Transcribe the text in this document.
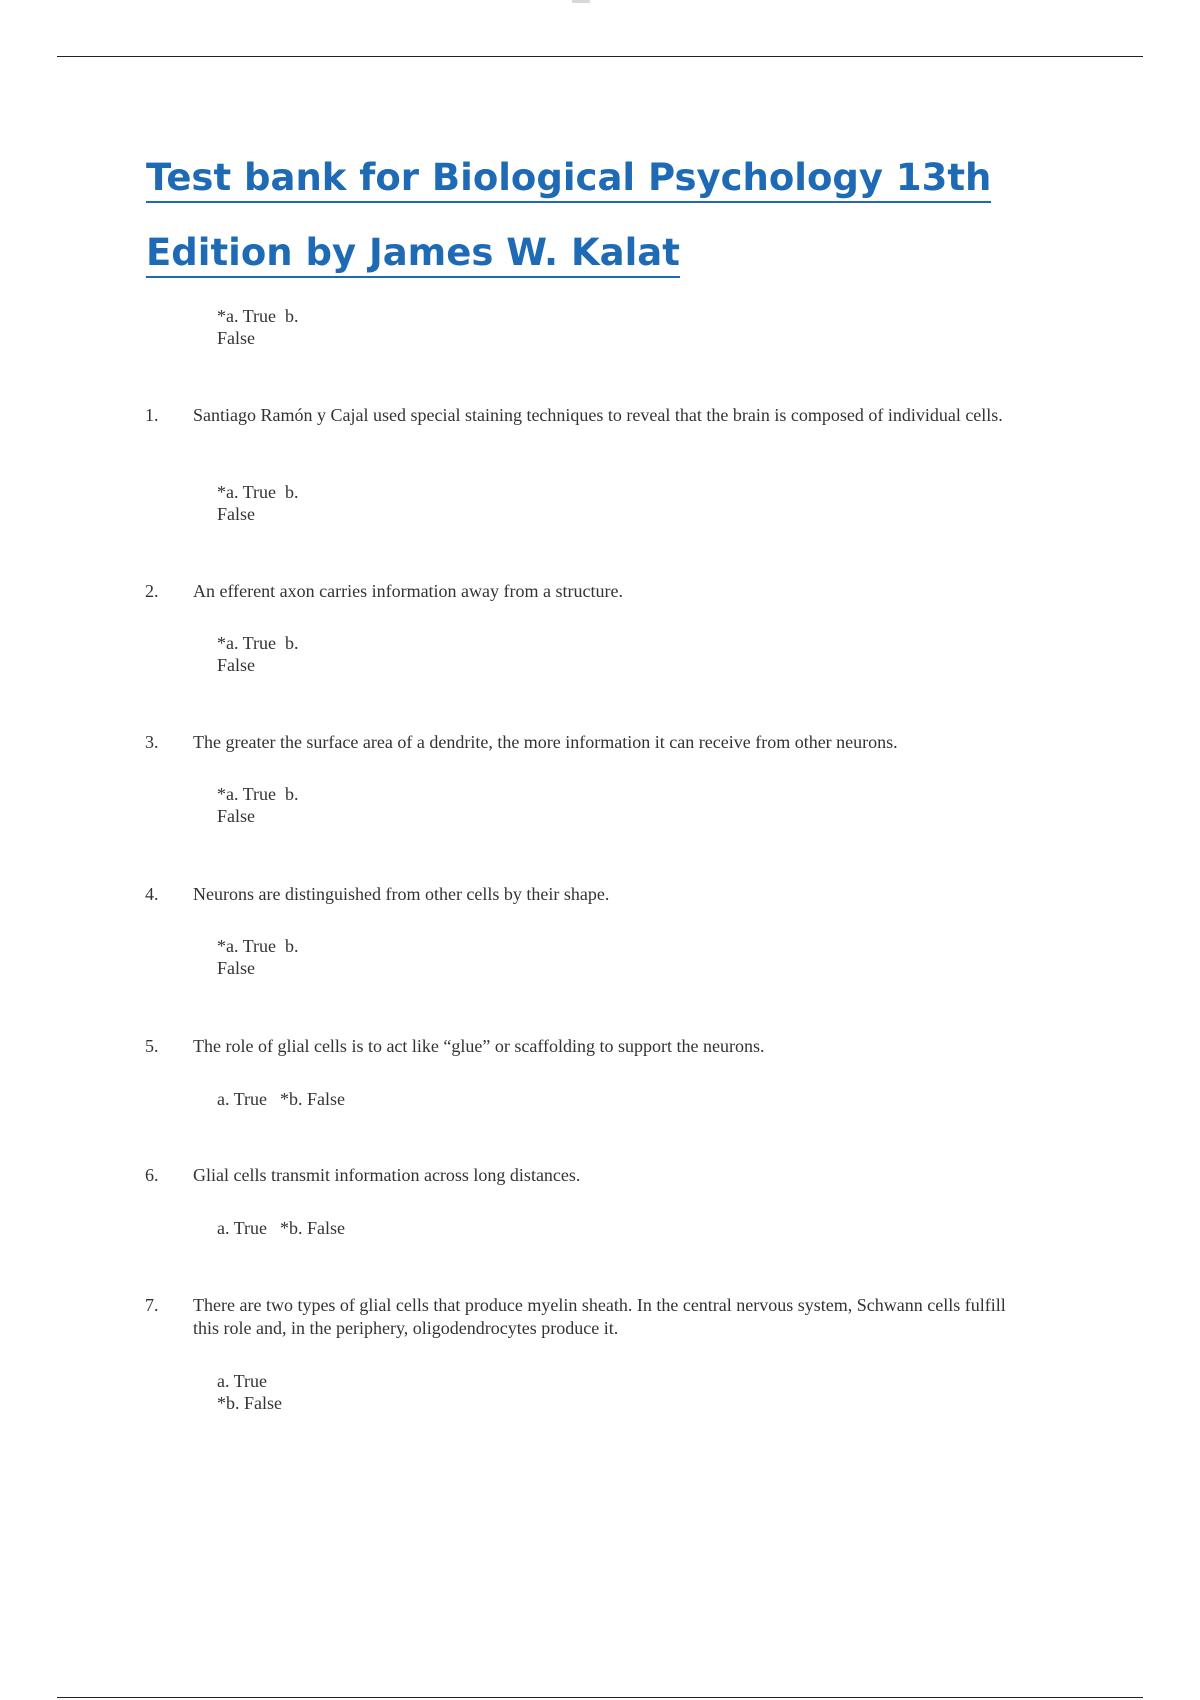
Test bank for Biological Psychology 13th
Edition by James W. Kalat
*a. True  b.
False
1. Santiago Ramón y Cajal used special staining techniques to reveal that the brain is composed of individual cells.
*a. True  b.
False
2. An efferent axon carries information away from a structure.
*a. True  b.
False
3. The greater the surface area of a dendrite, the more information it can receive from other neurons.
*a. True  b.
False
4. Neurons are distinguished from other cells by their shape.
*a. True  b.
False
5. The role of glial cells is to act like “glue” or scaffolding to support the neurons.
a. True *b. False
6. Glial cells transmit information across long distances.
a. True *b. False
7. There are two types of glial cells that produce myelin sheath. In the central nervous system, Schwann cells fulfill this role and, in the periphery, oligodendrocytes produce it.
a. True
*b. False
